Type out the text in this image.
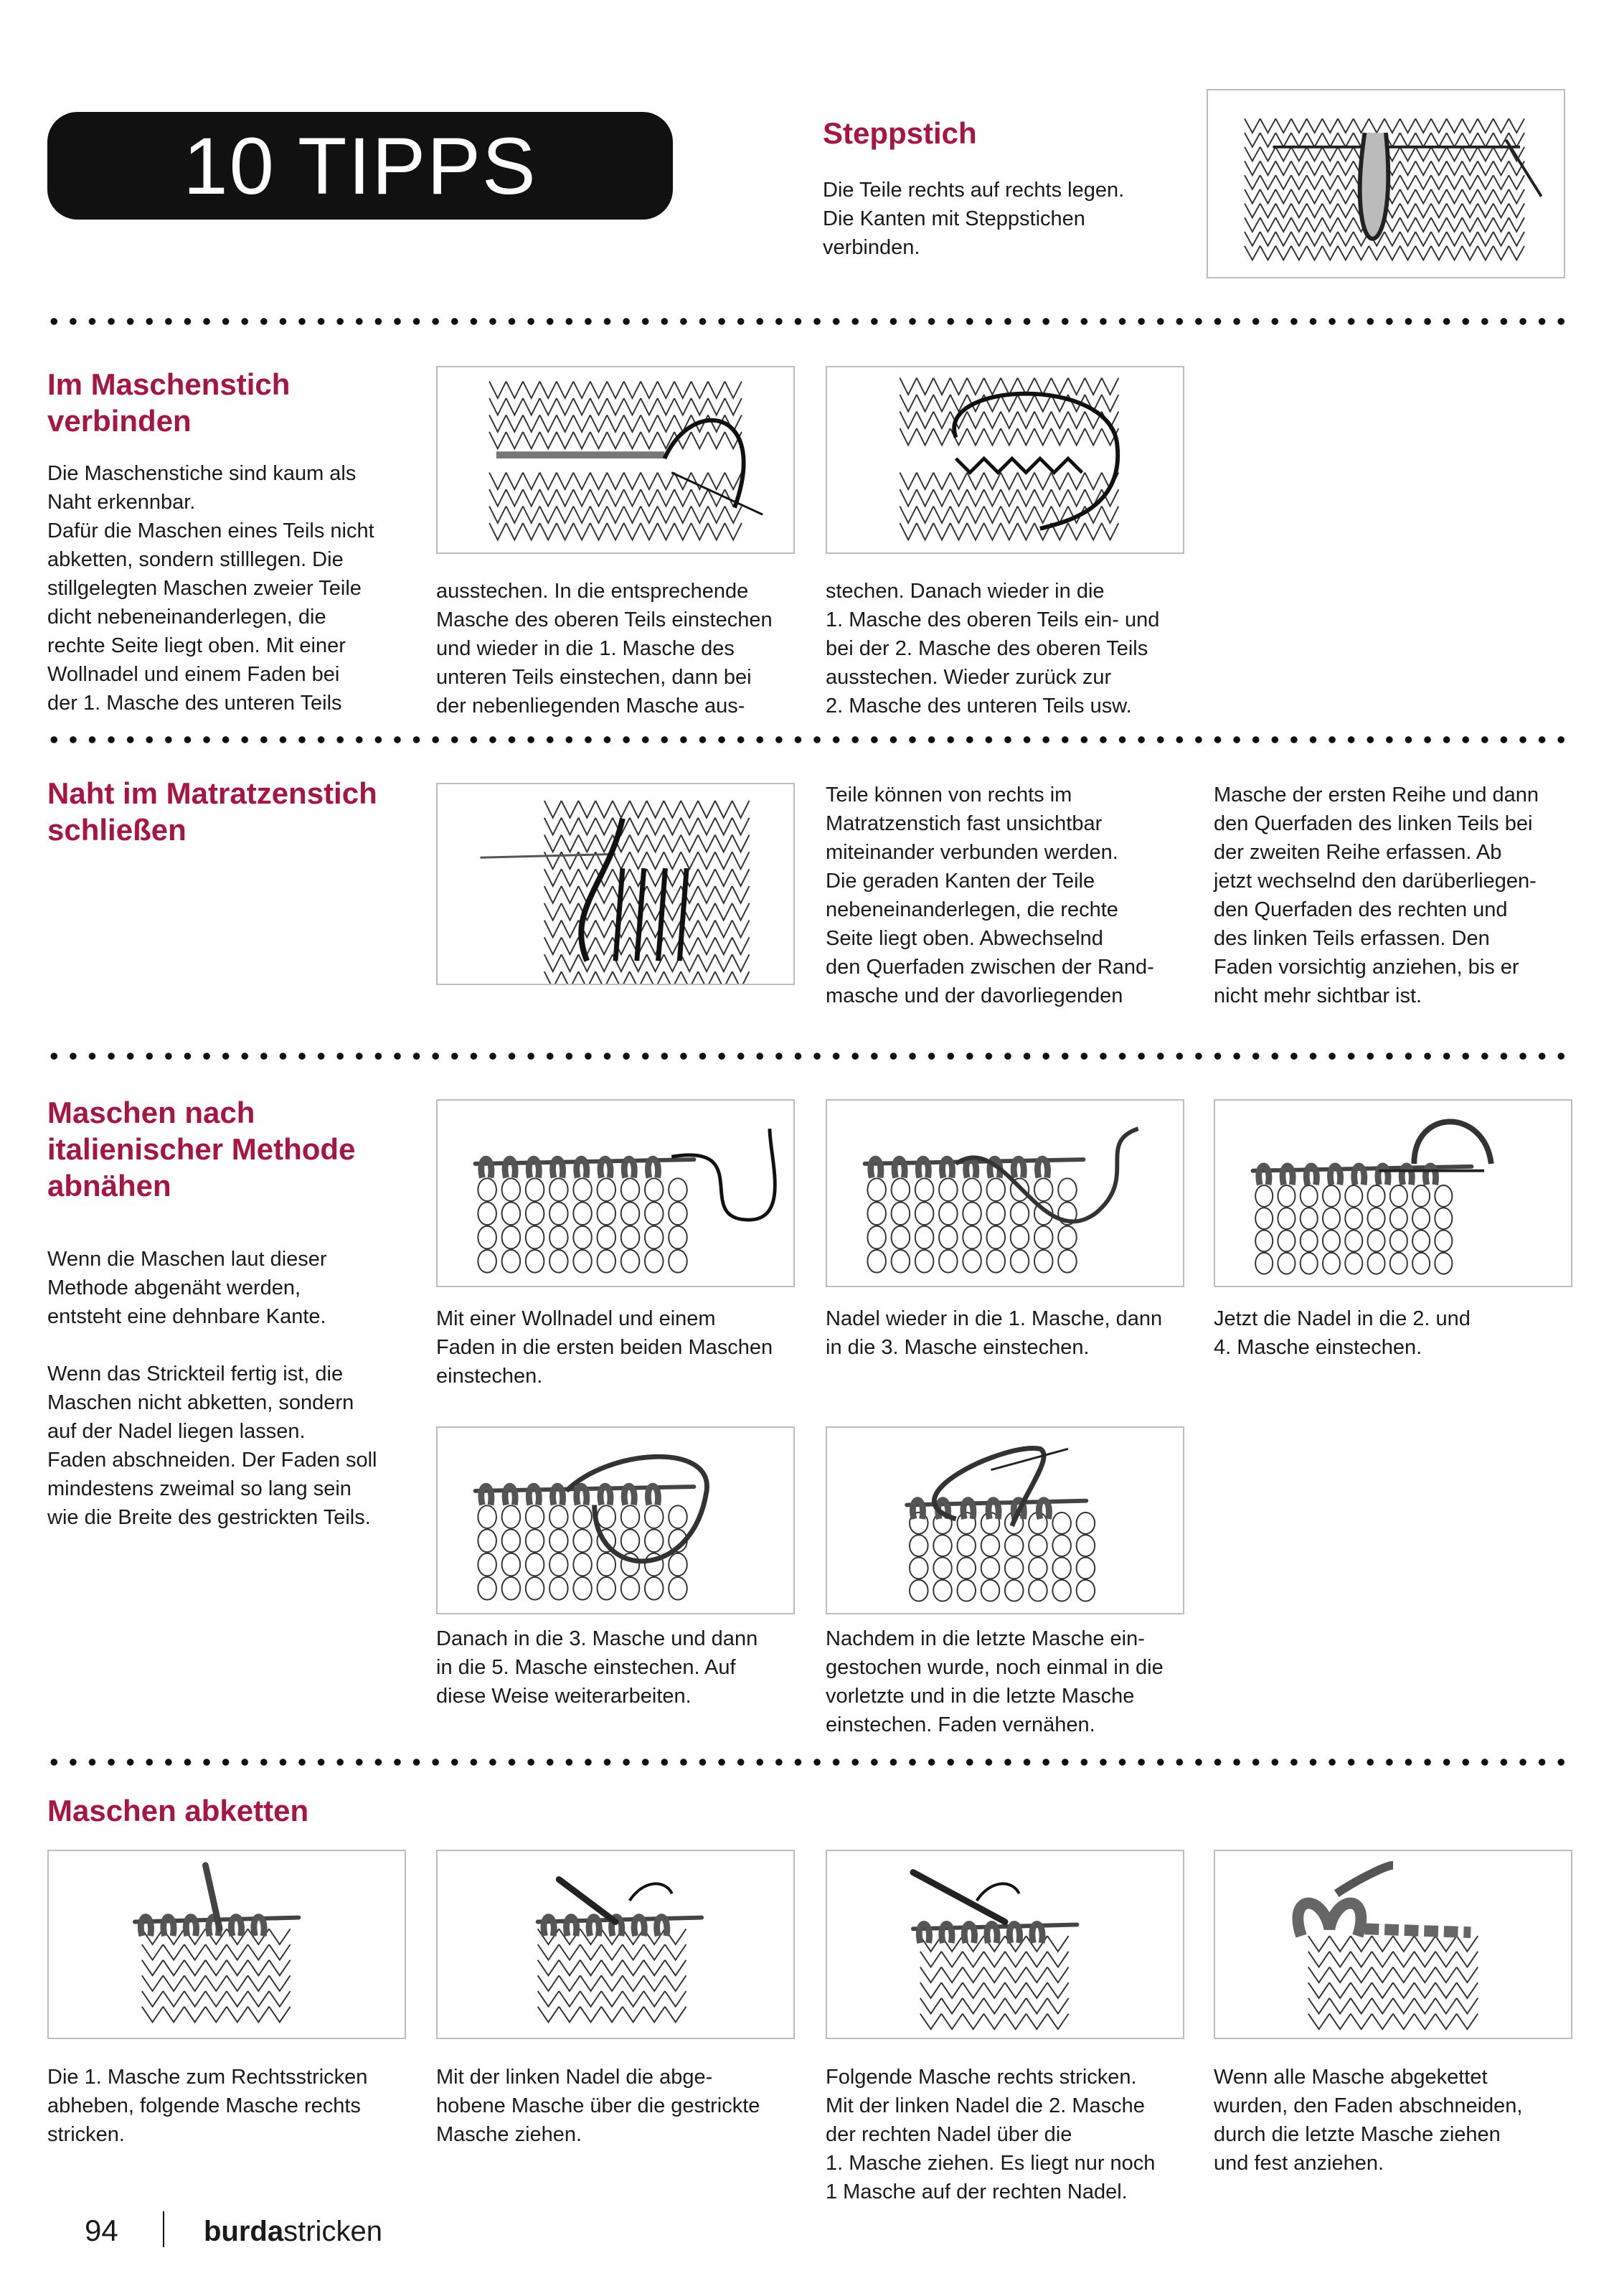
10 TIPPS	Steppstich

Die Teile rechts auf rechts legen.
Die Kanten mit Steppstichen
verbinden.

Im Maschenstich
verbinden

Die Maschenstiche sind kaum als
Naht erkennbar.
Dafür die Maschen eines Teils nicht
abketten, sondern stilllegen. Die
stillgelegten Maschen zweier Teile
dicht nebeneinanderlegen, die
rechte Seite liegt oben. Mit einer
Wollnadel und einem Faden bei
der 1. Masche des unteren Teils

ausstechen. In die entsprechende
Masche des oberen Teils einstechen
und wieder in die 1. Masche des
unteren Teils einstechen, dann bei
der nebenliegenden Masche aus-

stechen. Danach wieder in die
1. Masche des oberen Teils ein- und
bei der 2. Masche des oberen Teils
ausstechen. Wieder zurück zur
2. Masche des unteren Teils usw.

Naht im Matratzenstich
schließen

Teile können von rechts im
Matratzenstich fast unsichtbar
miteinander verbunden werden.
Die geraden Kanten der Teile
nebeneinanderlegen, die rechte
Seite liegt oben. Abwechselnd
den Querfaden zwischen der Rand-
masche und der davorliegenden

Masche der ersten Reihe und dann
den Querfaden des linken Teils bei
der zweiten Reihe erfassen. Ab
jetzt wechselnd den darüberliegen-
den Querfaden des rechten und
des linken Teils erfassen. Den
Faden vorsichtig anziehen, bis er
nicht mehr sichtbar ist.

Maschen nach
italienischer Methode
abnähen

Wenn die Maschen laut dieser
Methode abgenäht werden,
entsteht eine dehnbare Kante.

Wenn das Strickteil fertig ist, die
Maschen nicht abketten, sondern
auf der Nadel liegen lassen.
Faden abschneiden. Der Faden soll
mindestens zweimal so lang sein
wie die Breite des gestrickten Teils.

Mit einer Wollnadel und einem
Faden in die ersten beiden Maschen
einstechen.

Nadel wieder in die 1. Masche, dann
in die 3. Masche einstechen.

Jetzt die Nadel in die 2. und
4. Masche einstechen.

Danach in die 3. Masche und dann
in die 5. Masche einstechen. Auf
diese Weise weiterarbeiten.

Nachdem in die letzte Masche ein-
gestochen wurde, noch einmal in die
vorletzte und in die letzte Masche
einstechen. Faden vernähen.

Maschen abketten

Die 1. Masche zum Rechtsstricken
abheben, folgende Masche rechts
stricken.

Mit der linken Nadel die abge-
hobene Masche über die gestrickte
Masche ziehen.

Folgende Masche rechts stricken.
Mit der linken Nadel die 2. Masche
der rechten Nadel über die
1. Masche ziehen. Es liegt nur noch
1 Masche auf der rechten Nadel.

Wenn alle Masche abgekettet
wurden, den Faden abschneiden,
durch die letzte Masche ziehen
und fest anziehen.

94	burdastricken
